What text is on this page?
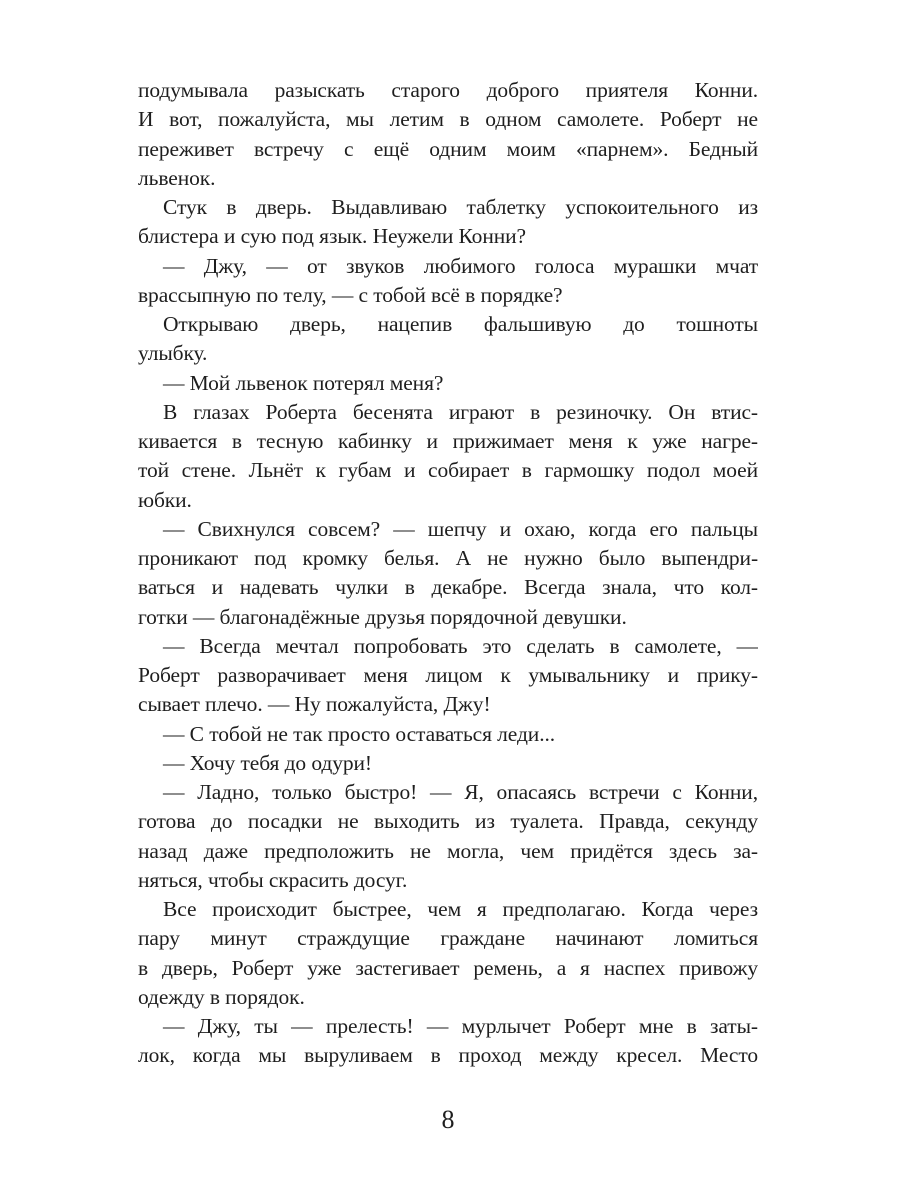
подумывала разыскать старого доброго приятеля Конни.
И вот, пожалуйста, мы летим в одном самолете. Роберт не
переживет встречу с ещё одним моим «парнем». Бедный
львенок.
Стук в дверь. Выдавливаю таблетку успокоительного из
блистера и сую под язык. Неужели Конни?
— Джу, — от звуков любимого голоса мурашки мчат
врассыпную по телу, — с тобой всё в порядке?
Открываю дверь, нацепив фальшивую до тошноты
улыбку.
— Мой львенок потерял меня?
В глазах Роберта бесенята играют в резиночку. Он втис-
кивается в тесную кабинку и прижимает меня к уже нагре-
той стене. Льнёт к губам и собирает в гармошку подол моей
юбки.
— Свихнулся совсем? — шепчу и охаю, когда его пальцы
проникают под кромку белья. А не нужно было выпендри-
ваться и надевать чулки в декабре. Всегда знала, что кол-
готки — благонадёжные друзья порядочной девушки.
— Всегда мечтал попробовать это сделать в самолете, —
Роберт разворачивает меня лицом к умывальнику и прику-
сывает плечо. — Ну пожалуйста, Джу!
— С тобой не так просто оставаться леди...
— Хочу тебя до одури!
— Ладно, только быстро! — Я, опасаясь встречи с Конни,
готова до посадки не выходить из туалета. Правда, секунду
назад даже предположить не могла, чем придётся здесь за-
няться, чтобы скрасить досуг.
Все происходит быстрее, чем я предполагаю. Когда через
пару минут страждущие граждане начинают ломиться
в дверь, Роберт уже застегивает ремень, а я наспех привожу
одежду в порядок.
— Джу, ты — прелесть! — мурлычет Роберт мне в заты-
лок, когда мы выруливаем в проход между кресел. Место
8
